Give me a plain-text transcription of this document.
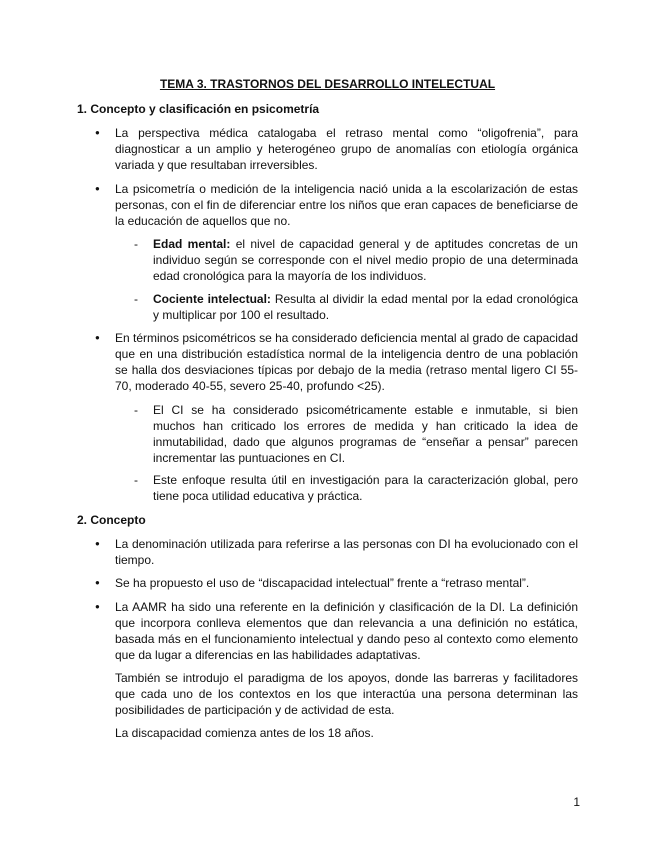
TEMA 3. TRASTORNOS DEL DESARROLLO INTELECTUAL
1. Concepto y clasificación en psicometría
● La perspectiva médica catalogaba el retraso mental como “oligofrenia”, para diagnosticar a un amplio y heterogéneo grupo de anomalías con etiología orgánica variada y que resultaban irreversibles.
● La psicometría o medición de la inteligencia nació unida a la escolarización de estas personas, con el fin de diferenciar entre los niños que eran capaces de beneficiarse de la educación de aquellos que no.
- Edad mental: el nivel de capacidad general y de aptitudes concretas de un individuo según se corresponde con el nivel medio propio de una determinada edad cronológica para la mayoría de los individuos.
- Cociente intelectual: Resulta al dividir la edad mental por la edad cronológica y multiplicar por 100 el resultado.
● En términos psicométricos se ha considerado deficiencia mental al grado de capacidad que en una distribución estadística normal de la inteligencia dentro de una población se halla dos desviaciones típicas por debajo de la media (retraso mental ligero CI 55-70, moderado 40-55, severo 25-40, profundo <25).
- El CI se ha considerado psicométricamente estable e inmutable, si bien muchos han criticado los errores de medida y han criticado la idea de inmutabilidad, dado que algunos programas de “enseñar a pensar” parecen incrementar las puntuaciones en CI.
- Este enfoque resulta útil en investigación para la caracterización global, pero tiene poca utilidad educativa y práctica.
2. Concepto
● La denominación utilizada para referirse a las personas con DI ha evolucionado con el tiempo.
● Se ha propuesto el uso de “discapacidad intelectual” frente a “retraso mental”.
● La AAMR ha sido una referente en la definición y clasificación de la DI. La definición que incorpora conlleva elementos que dan relevancia a una definición no estática, basada más en el funcionamiento intelectual y dando peso al contexto como elemento que da lugar a diferencias en las habilidades adaptativas.
También se introdujo el paradigma de los apoyos, donde las barreras y facilitadores que cada uno de los contextos en los que interactúa una persona determinan las posibilidades de participación y de actividad de esta.
La discapacidad comienza antes de los 18 años.
1
